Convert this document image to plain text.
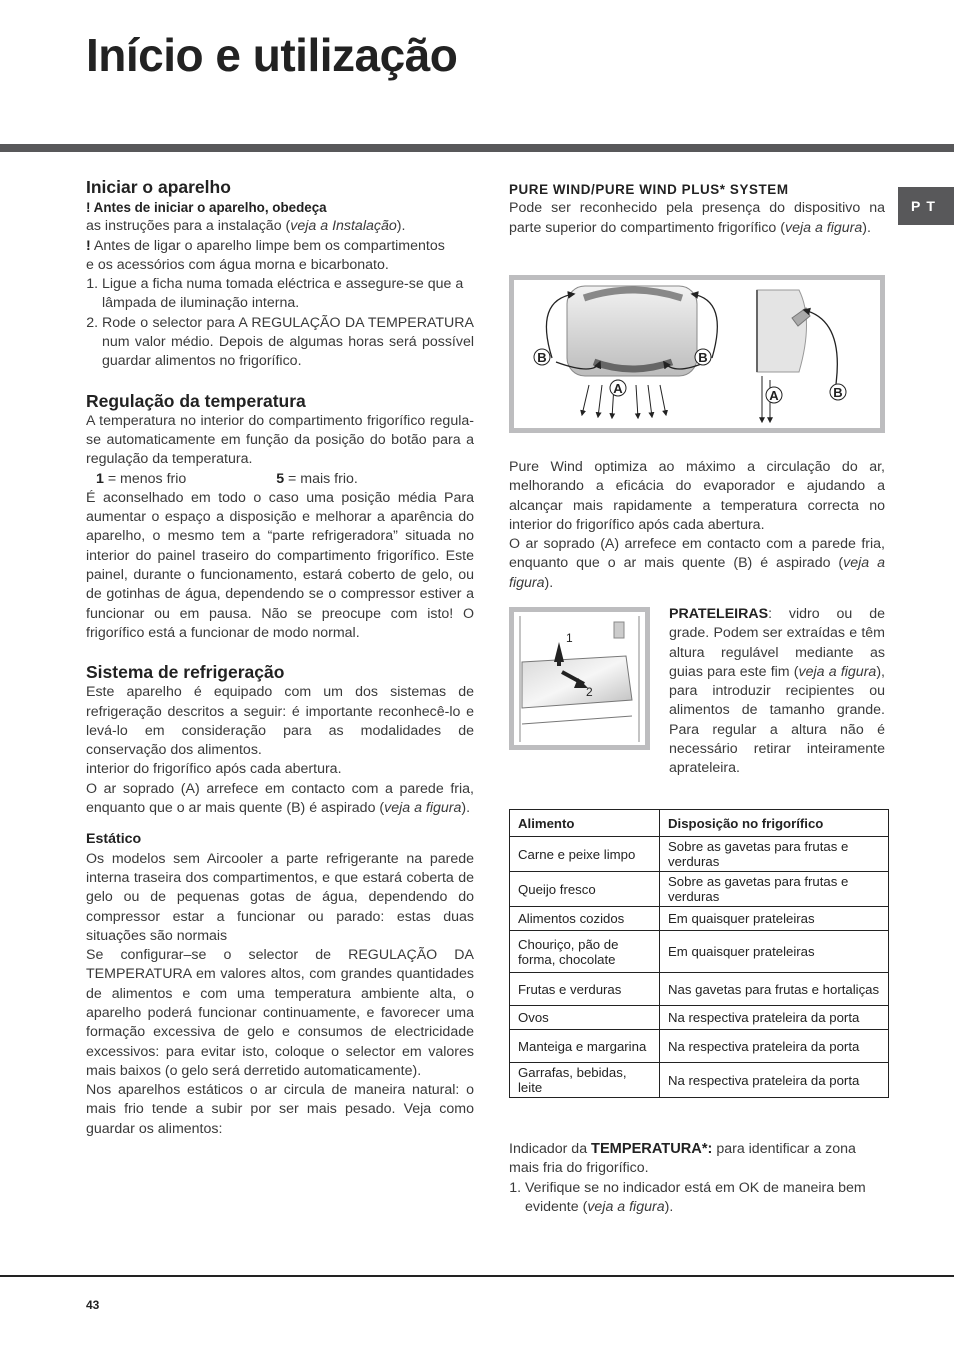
Início e utilização
PT
Iniciar o aparelho

! Antes de iniciar o aparelho, obedeça

as instruções para a instalação (veja a Instalação).

! Antes de ligar o aparelho limpe bem os compartimentos

e os acessórios com água morna e bicarbonato.

1. Ligue a ficha numa tomada eléctrica e assegure-se que a lâmpada de iluminação interna.
2. Rode o selector para A REGULAÇÃO DA TEMPERATURA num valor médio. Depois de algumas horas será possível guardar alimentos no frigorífico.
Regulação da temperatura

A temperatura no interior do compartimento frigorífico regula-se automaticamente em função da posição do botão para a regulação da temperatura.

1 = menos frio	5 = mais frio.

É aconselhado em todo o caso uma posição média Para aumentar o espaço a disposição e melhorar a aparência do aparelho, o mesmo tem a “parte refrigeradora” situada no interior do painel traseiro do compartimento frigorífico. Este painel, durante o funcionamento, estará coberto de gelo, ou de gotinhas de água, dependendo se o compressor estiver a funcionar ou em pausa. Não se preocupe com isto! O frigorífico está a funcionar de modo normal.

Sistema de refrigeração

Este aparelho é equipado com um dos sistemas de refrigeração descritos a seguir: é importante reconhecê-lo e levá-lo em consideração para as modalidades de conservação dos alimentos.

interior do frigorífico após cada abertura.

O ar soprado (A) arrefece em contacto com a parede fria, enquanto que o ar mais quente (B) é aspirado (veja a figura).

Estático

Os modelos sem Aircooler a parte refrigerante na parede interna traseira dos compartimentos, e que estará coberta de gelo ou de pequenas gotas de água, dependendo do compressor estar a funcionar ou parado: estas duas situações são normais

Se configurar–se o selector de REGULAÇÃO DA TEMPERATURA em valores altos, com grandes quantidades de alimentos e com uma temperatura ambiente alta, o aparelho poderá funcionar continuamente, e favorecer uma formação excessiva de gelo e consumos de electricidade excessivos: para evitar isto, coloque o selector em valores mais baixos (o gelo será derretido automaticamente).

Nos aparelhos estáticos o ar circula de maneira natural: o mais frio tende a subir por ser mais pesado. Veja como guardar os alimentos:

PURE WIND/PURE WIND PLUS* SYSTEM

Pode ser reconhecido pela presença do dispositivo na parte superior do compartimento frigorífico (veja a figura).

B	B
A	A	B

Pure Wind optimiza ao máximo a circulação do ar, melhorando a eficácia do evaporador e ajudando a alcançar mais rapidamente a temperatura correcta no interior do frigorífico após cada abertura.

O ar soprado (A) arrefece em contacto com a parede fria, enquanto que o ar mais quente (B) é aspirado (veja a figura).

1
2

PRATELEIRAS: vidro ou de grade. Podem ser extraídas e têm altura regulável mediante as guias para este fim (veja a figura), para introduzir recipientes ou alimentos de tamanho grande. Para regular a altura não é necessário retirar inteiramente aprateleira.

Alimento	Disposição no frigorífico
Carne e peixe limpo	Sobre as gavetas para frutas e verduras
Queijo fresco	Sobre as gavetas para frutas e verduras
Alimentos cozidos	Em quaisquer prateleiras
Chouriço, pão de forma, chocolate	Em quaisquer prateleiras
Frutas e verduras	Nas gavetas para frutas e hortaliças
Ovos	Na respectiva prateleira da porta
Manteiga e margarina	Na respectiva prateleira da porta
Garrafas, bebidas, leite	Na respectiva prateleira da porta

Indicador da TEMPERATURA*: para identificar a zona mais fria do frigorífico.

1. Verifique se no indicador está em OK de maneira bem evidente (veja a figura).
43
